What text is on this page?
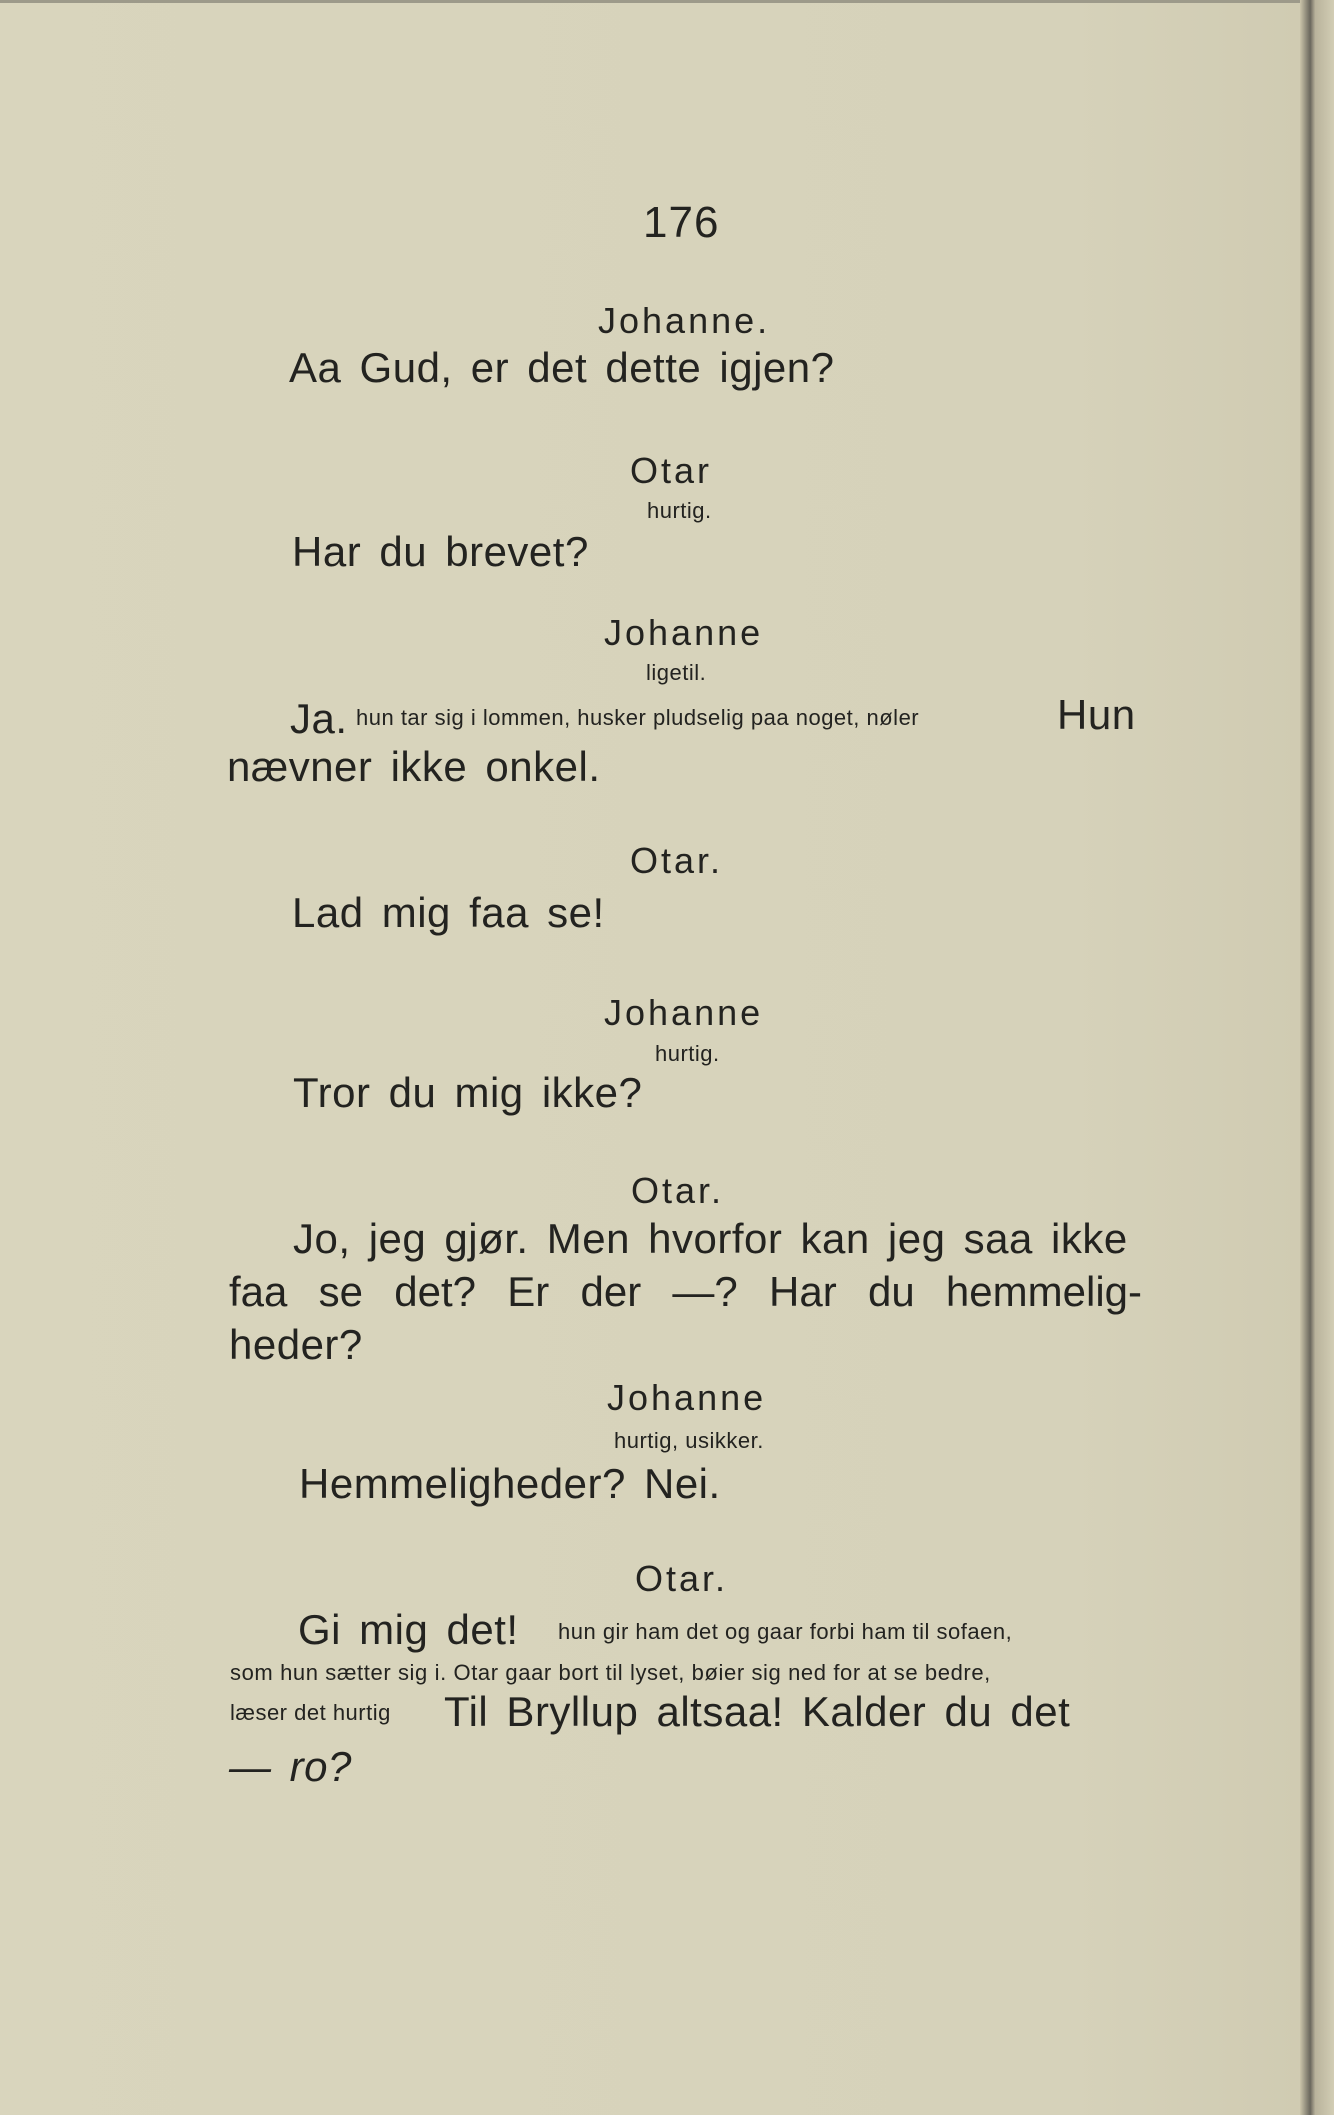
176
Johanne.
Aa Gud, er det dette igjen?
Otar
hurtig.
Har du brevet?
Johanne
ligetil.
Ja. hun tar sig i lommen, husker pludselig paa noget, nøler	Hun
nævner ikke onkel.
Otar.
Lad mig faa se!
Johanne
hurtig.
Tror du mig ikke?
Otar.
Jo, jeg gjør. Men hvorfor kan jeg saa ikke
faa se det? Er der —? Har du hemmelig-
heder?
Johanne
hurtig, usikker.
Hemmeligheder? Nei.
Otar.
Gi mig det! hun gir ham det og gaar forbi ham til sofaen,
som hun sætter sig i. Otar gaar bort til lyset, bøier sig ned for at se bedre,
læser det hurtig Til Bryllup altsaa! Kalder du det
— ro?
